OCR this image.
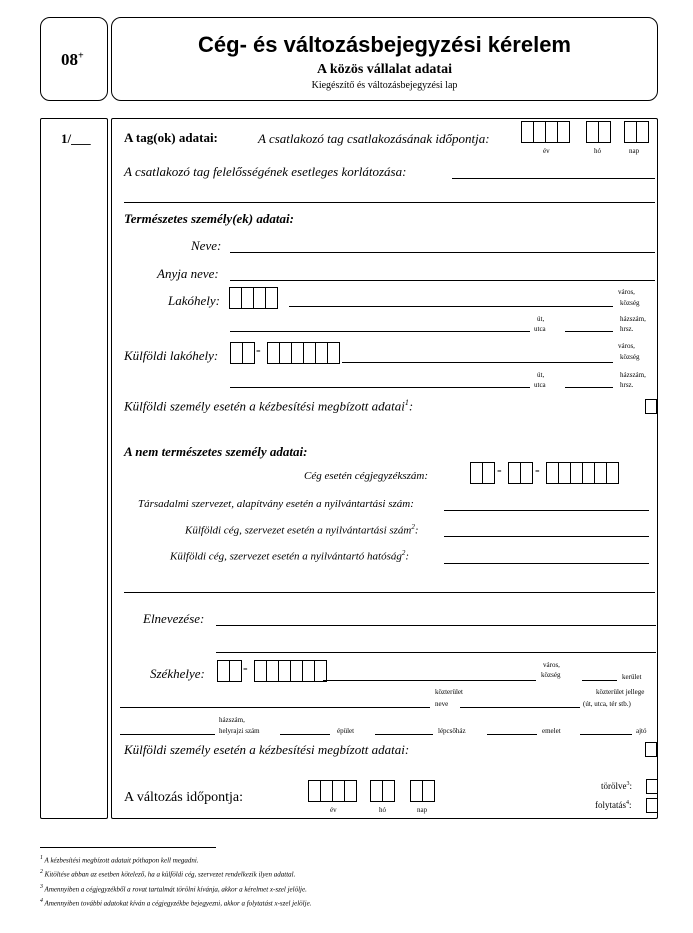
08+	Cég- és változásbejegyzési kérelem
A közös vállalat adatai
Kiegészítő és változásbejegyzési lap
1/___	A tag(ok) adatai:	A csatlakozó tag csatlakozásának időpontja:
év	hó	nap
A csatlakozó tag felelősségének esetleges korlátozása:
Természetes személy(ek) adatai:
Neve:
Anyja neve:
Lakóhely:
város,
község
út,
utca
házszám,
hrsz.
Külföldi lakóhely:	-	város,
község
út,
utca
házszám,
hrsz.
Külföldi személy esetén a kézbesítési megbízott adatai$^1$:
A nem természetes személy adatai:
Cég esetén cégjegyzékszám:	- -
Társadalmi szervezet, alapítvány esetén a nyilvántartási szám:
Külföldi cég, szervezet esetén a nyilvántartási szám$^2$:
Külföldi cég, szervezet esetén a nyilvántartó hatóság$^2$:
Elnevezése:
Székhelye:	-	város,
község	kerület
közterület
neve
közterület jellege
(út, utca, tér stb.)
házszám,
helyrajzi szám	épület	lépcsőház	emelet	ajtó
Külföldi személy esetén a kézbesítési megbízott adatai:
A változás időpontja:
év	hó	nap
törölve$^3$:
folytatás$^4$:
$^1$ A kézbesítési megbízott adatait póthapon kell megadni.
$^2$ Kitöltése abban az esetben kötelező, ha a külföldi cég, szervezet rendelkezik ilyen adattal.
$^3$ Amennyiben a cégjegyzékből a rovat tartalmát törölni kívánja, akkor a kérelmet x-szel jelölje.
$^4$ Amennyiben további adatokat kíván a cégjegyzékbe bejegyezni, akkor a folytatást x-szel jelölje.
